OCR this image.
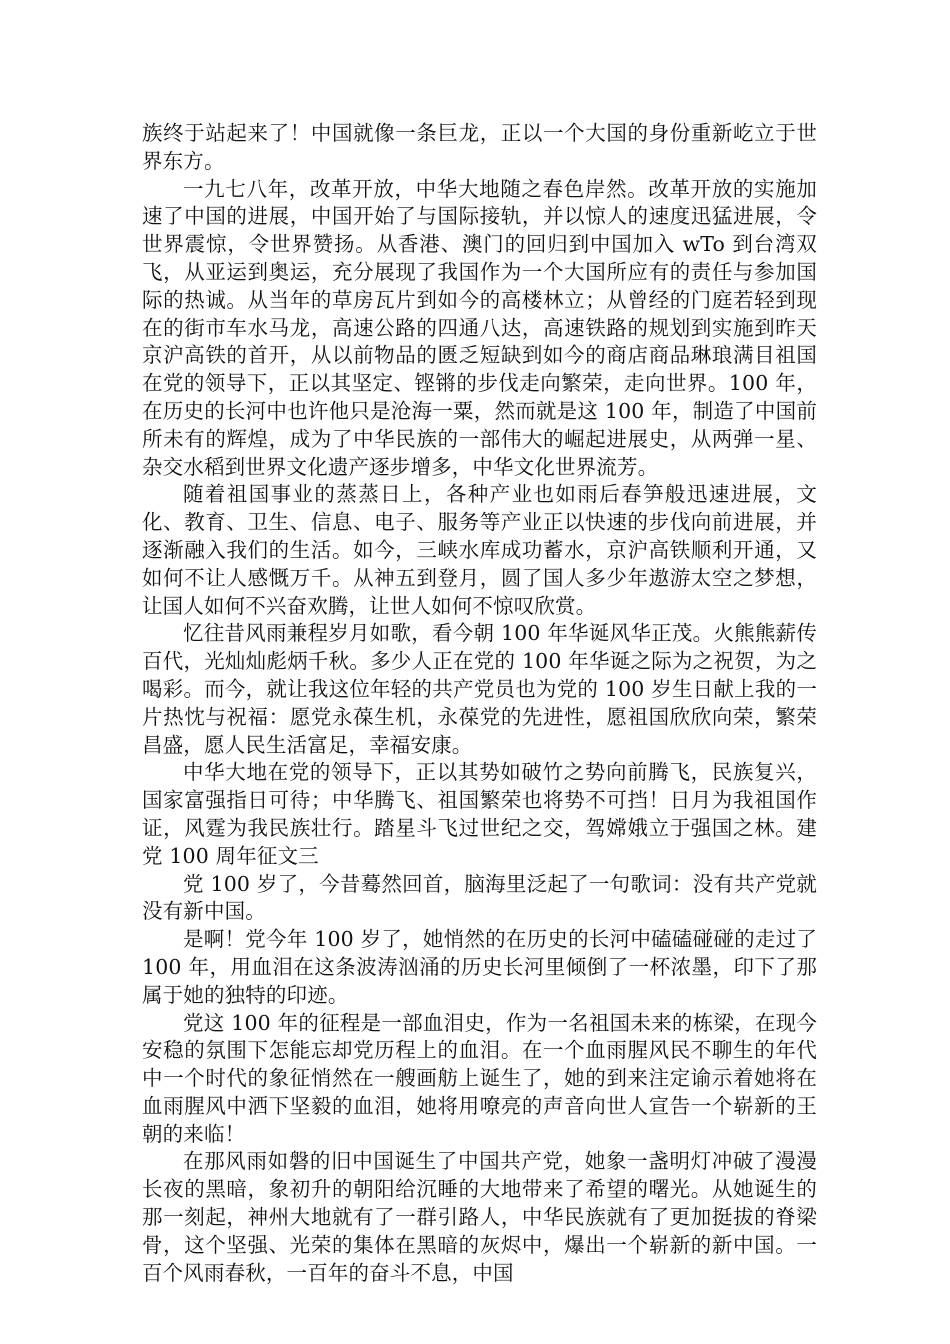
族终于站起来了！中国就像一条巨龙，正以一个大国的身份重新屹立于世界东方。

一九七八年，改革开放，中华大地随之春色岸然。改革开放的实施加速了中国的进展，中国开始了与国际接轨，并以惊人的速度迅猛进展，令世界震惊，令世界赞扬。从香港、澳门的回归到中国加入 wTo 到台湾双飞，从亚运到奥运，充分展现了我国作为一个大国所应有的责任与参加国际的热诚。从当年的草房瓦片到如今的高楼林立；从曾经的门庭若轻到现在的街市车水马龙，高速公路的四通八达，高速铁路的规划到实施到昨天京沪高铁的首开，从以前物品的匮乏短缺到如今的商店商品琳琅满目祖国在党的领导下，正以其坚定、铿锵的步伐走向繁荣，走向世界。100 年，在历史的长河中也许他只是沧海一粟，然而就是这 100 年，制造了中国前所未有的辉煌，成为了中华民族的一部伟大的崛起进展史，从两弹一星、杂交水稻到世界文化遗产逐步增多，中华文化世界流芳。

随着祖国事业的蒸蒸日上，各种产业也如雨后春笋般迅速进展，文化、教育、卫生、信息、电子、服务等产业正以快速的步伐向前进展，并逐渐融入我们的生活。如今，三峡水库成功蓄水，京沪高铁顺利开通，又如何不让人感慨万千。从神五到登月，圆了国人多少年遨游太空之梦想，让国人如何不兴奋欢腾，让世人如何不惊叹欣赏。

忆往昔风雨兼程岁月如歌，看今朝 100 年华诞风华正茂。火熊熊薪传百代，光灿灿彪炳千秋。多少人正在党的 100 年华诞之际为之祝贺，为之喝彩。而今，就让我这位年轻的共产党员也为党的 100 岁生日献上我的一片热忱与祝福：愿党永葆生机，永葆党的先进性，愿祖国欣欣向荣，繁荣昌盛，愿人民生活富足，幸福安康。

中华大地在党的领导下，正以其势如破竹之势向前腾飞，民族复兴，国家富强指日可待；中华腾飞、祖国繁荣也将势不可挡！日月为我祖国作证，风霆为我民族壮行。踏星斗飞过世纪之交，驾嫦娥立于强国之林。建党 100 周年征文三

党 100 岁了，今昔蓦然回首，脑海里泛起了一句歌词：没有共产党就没有新中国。

是啊！党今年 100 岁了，她悄然的在历史的长河中磕磕碰碰的走过了 100 年，用血泪在这条波涛汹涌的历史长河里倾倒了一杯浓墨，印下了那属于她的独特的印迹。

党这 100 年的征程是一部血泪史，作为一名祖国未来的栋梁，在现今安稳的氛围下怎能忘却党历程上的血泪。在一个血雨腥风民不聊生的年代中一个时代的象征悄然在一艘画舫上诞生了，她的到来注定谕示着她将在血雨腥风中洒下坚毅的血泪，她将用嘹亮的声音向世人宣告一个崭新的王朝的来临！

在那风雨如磐的旧中国诞生了中国共产党，她象一盏明灯冲破了漫漫长夜的黑暗，象初升的朝阳给沉睡的大地带来了希望的曙光。从她诞生的那一刻起，神州大地就有了一群引路人，中华民族就有了更加挺拔的脊梁骨，这个坚强、光荣的集体在黑暗的灰烬中，爆出一个崭新的新中国。一百个风雨春秋，一百年的奋斗不息，中国
